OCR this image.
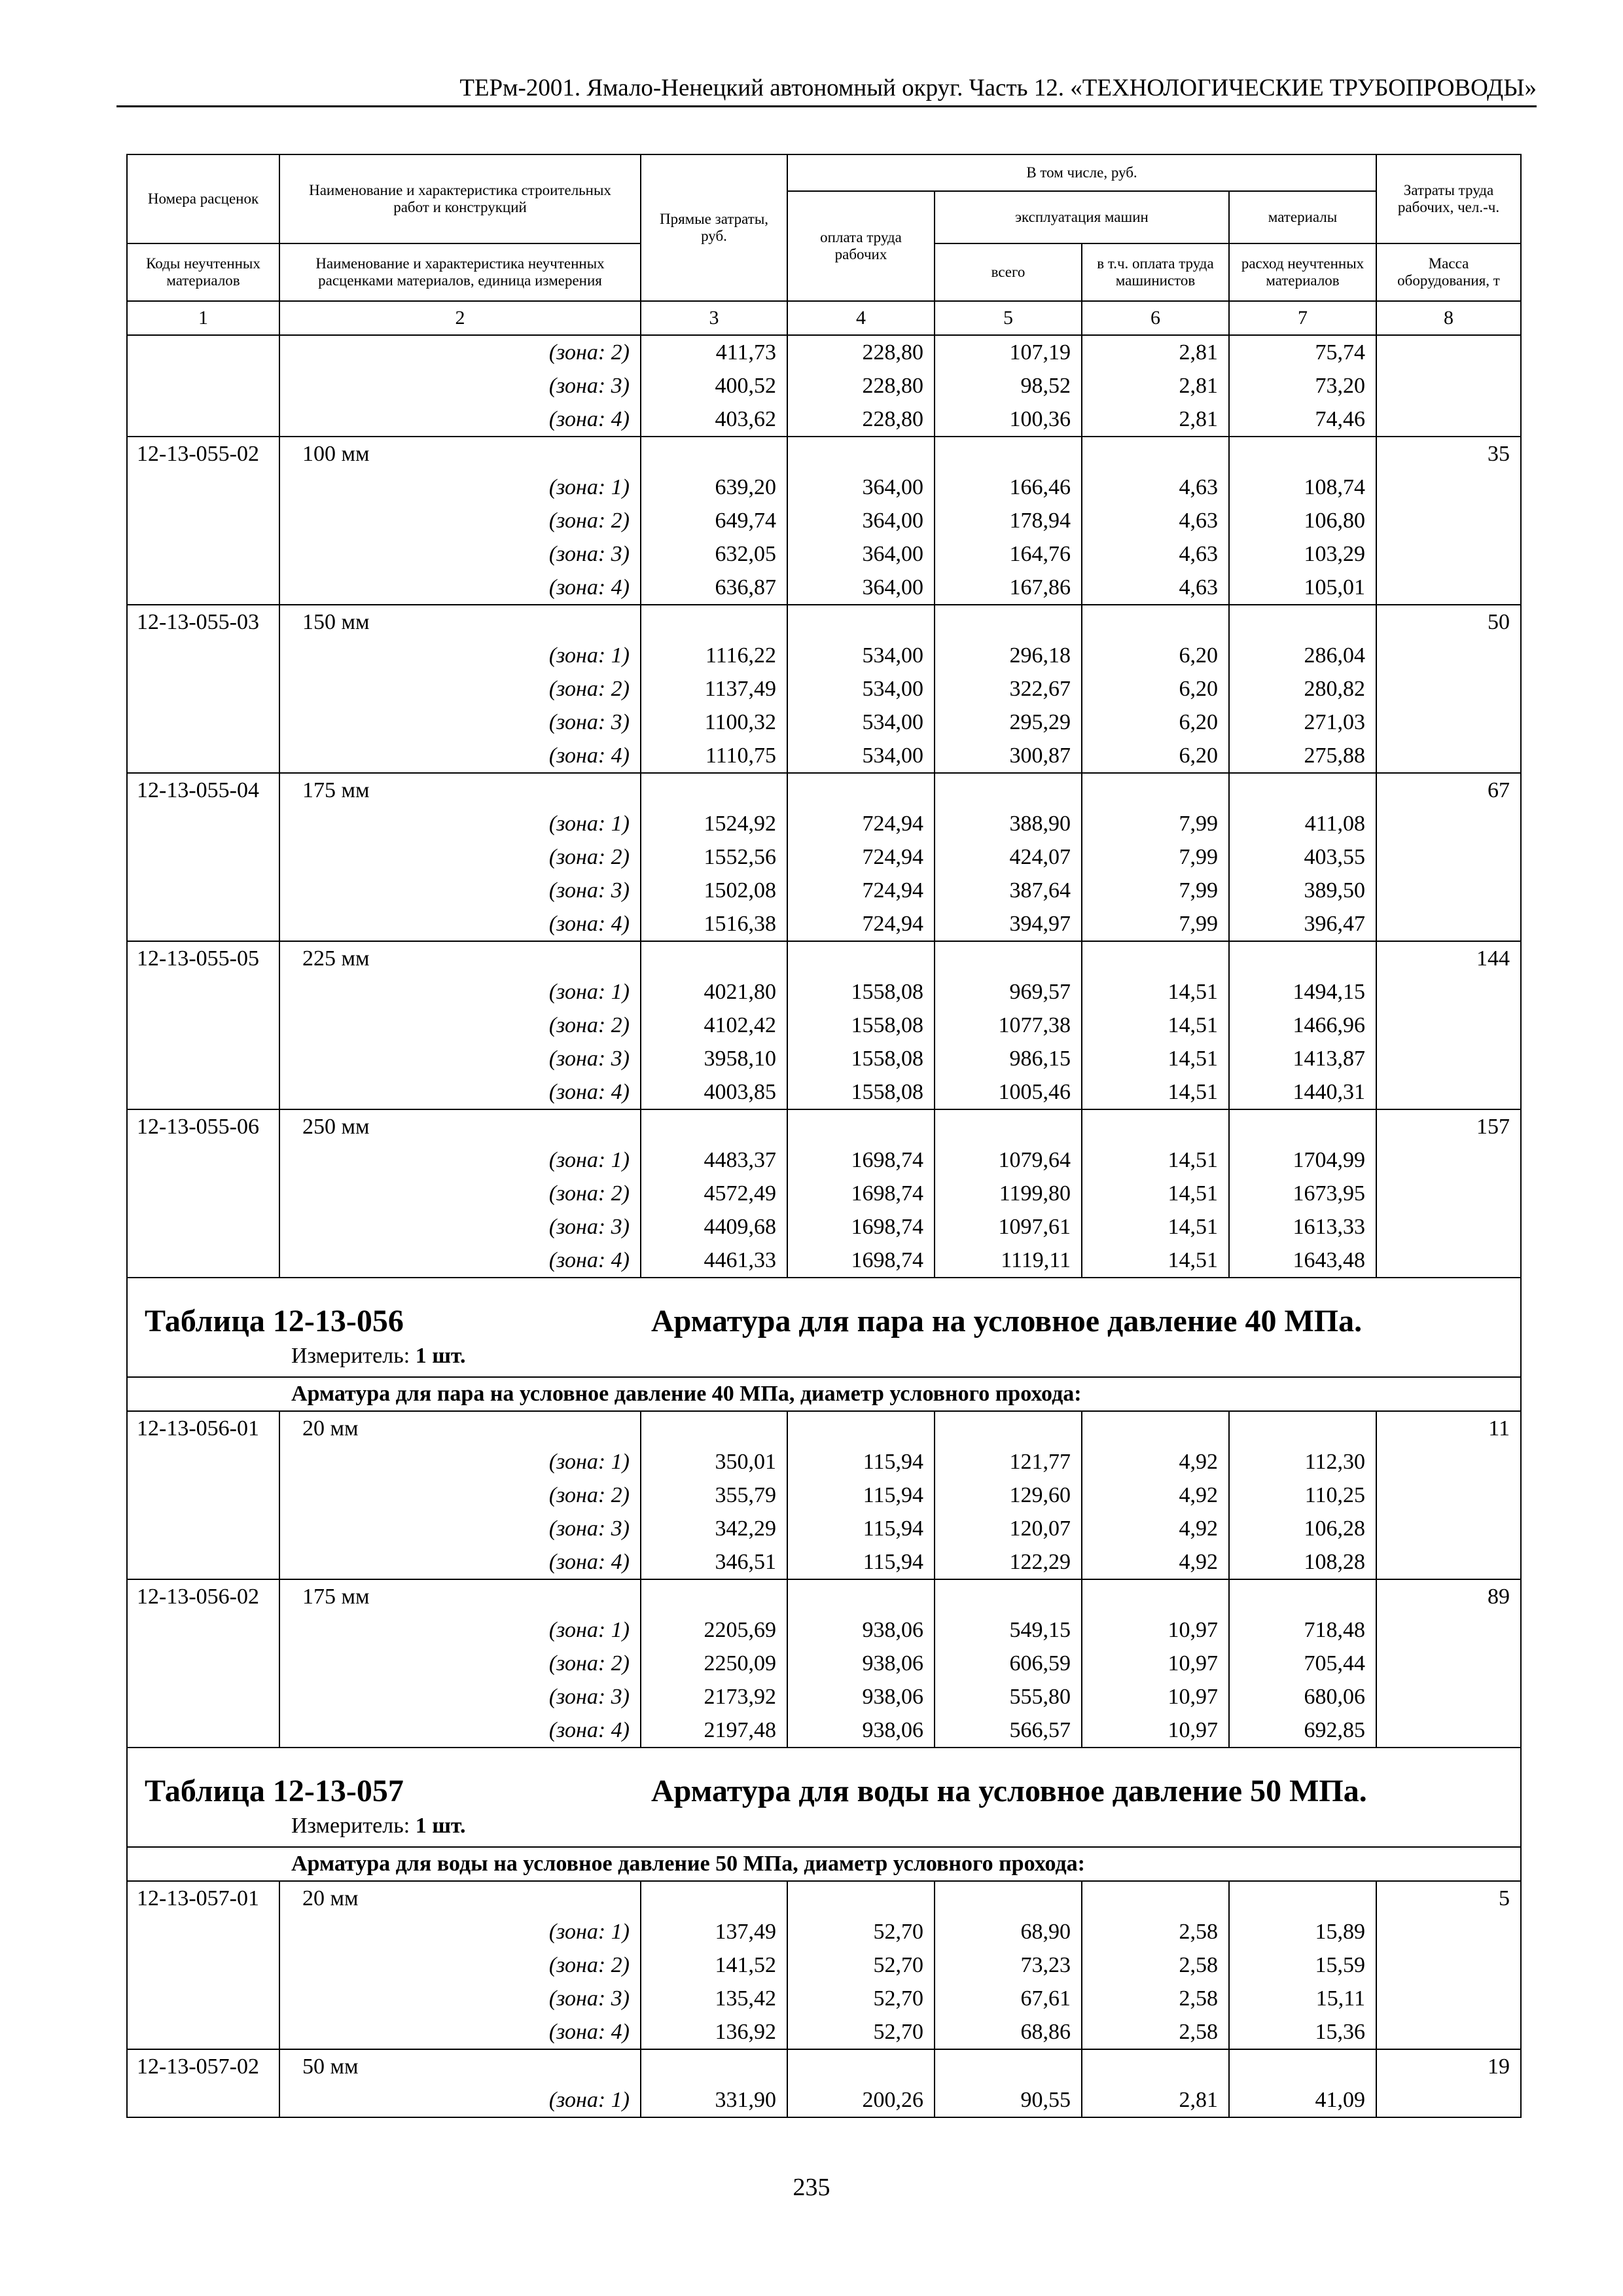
ТЕРм-2001. Ямало-Ненецкий автономный округ. Часть 12. «ТЕХНОЛОГИЧЕСКИЕ ТРУБОПРОВОДЫ»
Номера расценок	Наименование и характеристика строительных работ и конструкций	Прямые затраты, руб.	В том числе, руб.				Затраты труда рабочих, чел.-ч.
			оплата труда рабочих	эксплуатация машин		материалы	
Коды неучтенных материалов	Наименование и характеристика неучтенных расценками материалов, единица измерения			всего	в т.ч. оплата труда машинистов	расход неучтенных материалов	Масса оборудования, т
1	2	3	4	5	6	7	8
	(зона: 2)	411,73	228,80	107,19	2,81	75,74	
	(зона: 3)	400,52	228,80	98,52	2,81	73,20	
	(зона: 4)	403,62	228,80	100,36	2,81	74,46	
12-13-055-02	100 мм						35
	(зона: 1)	639,20	364,00	166,46	4,63	108,74	
	(зона: 2)	649,74	364,00	178,94	4,63	106,80	
	(зона: 3)	632,05	364,00	164,76	4,63	103,29	
	(зона: 4)	636,87	364,00	167,86	4,63	105,01	
12-13-055-03	150 мм						50
	(зона: 1)	1116,22	534,00	296,18	6,20	286,04	
	(зона: 2)	1137,49	534,00	322,67	6,20	280,82	
	(зона: 3)	1100,32	534,00	295,29	6,20	271,03	
	(зона: 4)	1110,75	534,00	300,87	6,20	275,88	
12-13-055-04	175 мм						67
	(зона: 1)	1524,92	724,94	388,90	7,99	411,08	
	(зона: 2)	1552,56	724,94	424,07	7,99	403,55	
	(зона: 3)	1502,08	724,94	387,64	7,99	389,50	
	(зона: 4)	1516,38	724,94	394,97	7,99	396,47	
12-13-055-05	225 мм						144
	(зона: 1)	4021,80	1558,08	969,57	14,51	1494,15	
	(зона: 2)	4102,42	1558,08	1077,38	14,51	1466,96	
	(зона: 3)	3958,10	1558,08	986,15	14,51	1413,87	
	(зона: 4)	4003,85	1558,08	1005,46	14,51	1440,31	
12-13-055-06	250 мм						157
	(зона: 1)	4483,37	1698,74	1079,64	14,51	1704,99	
	(зона: 2)	4572,49	1698,74	1199,80	14,51	1673,95	
	(зона: 3)	4409,68	1698,74	1097,61	14,51	1613,33	
	(зона: 4)	4461,33	1698,74	1119,11	14,51	1643,48	

Таблица 12-13-056 Арматура для пара на условное давление 40 МПа.
Измеритель: 1 шт.							

Арматура для пара на условное давление 40 МПа, диаметр условного прохода:							
12-13-056-01	20 мм						11
	(зона: 1)	350,01	115,94	121,77	4,92	112,30	
	(зона: 2)	355,79	115,94	129,60	4,92	110,25	
	(зона: 3)	342,29	115,94	120,07	4,92	106,28	
	(зона: 4)	346,51	115,94	122,29	4,92	108,28	
12-13-056-02	175 мм						89
	(зона: 1)	2205,69	938,06	549,15	10,97	718,48	
	(зона: 2)	2250,09	938,06	606,59	10,97	705,44	
	(зона: 3)	2173,92	938,06	555,80	10,97	680,06	
	(зона: 4)	2197,48	938,06	566,57	10,97	692,85	

Таблица 12-13-057 Арматура для воды на условное давление 50 МПа.
Измеритель: 1 шт.							

Арматура для воды на условное давление 50 МПа, диаметр условного прохода:							
12-13-057-01	20 мм						5
	(зона: 1)	137,49	52,70	68,90	2,58	15,89	
	(зона: 2)	141,52	52,70	73,23	2,58	15,59	
	(зона: 3)	135,42	52,70	67,61	2,58	15,11	
	(зона: 4)	136,92	52,70	68,86	2,58	15,36	
12-13-057-02	50 мм						19
	(зона: 1)	331,90	200,26	90,55	2,81	41,09	
235
